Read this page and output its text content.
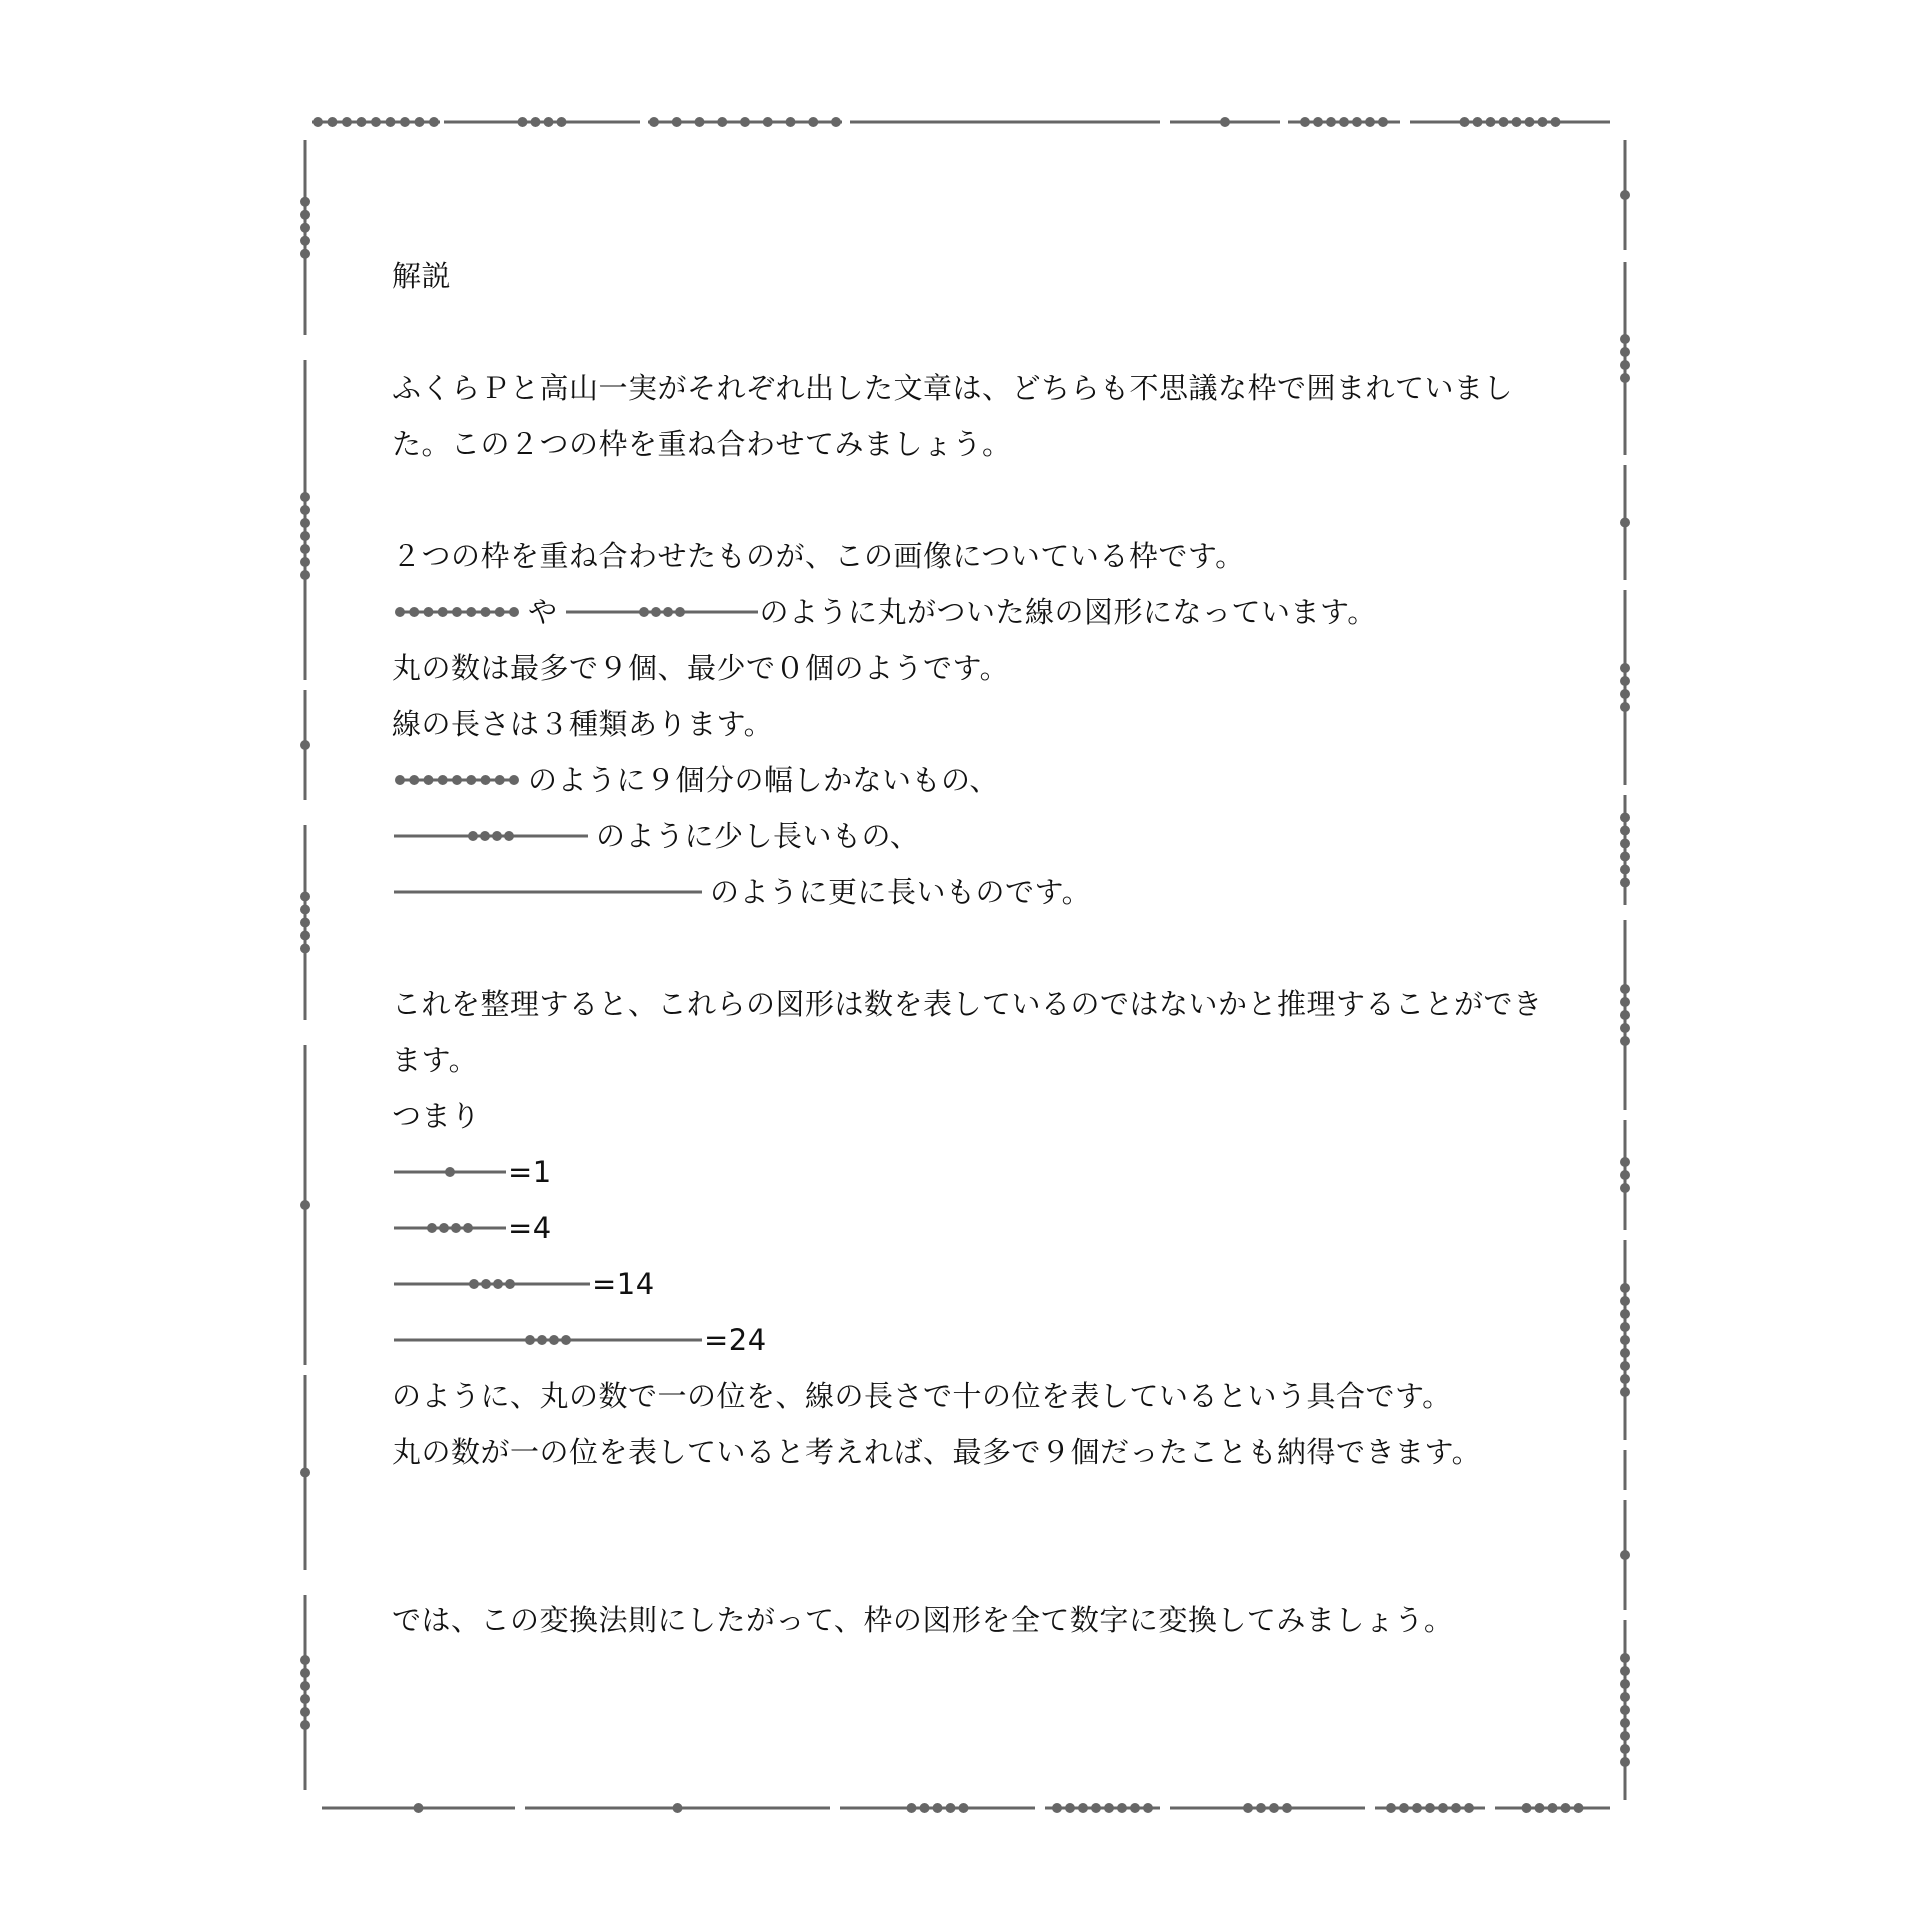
解説
ふくらＰと高山一実がそれぞれ出した文章は、どちらも不思議な枠で囲まれていまし
た。この２つの枠を重ね合わせてみましょう。
２つの枠を重ね合わせたものが、この画像についている枠です。
や	のように丸がついた線の図形になっています。
丸の数は最多で９個、最少で０個のようです。
線の長さは３種類あります。
のように９個分の幅しかないもの、
のように少し長いもの、
のように更に長いものです。
これを整理すると、これらの図形は数を表しているのではないかと推理することができ
ます。
つまり
=1
=4
=14
=24
のように、丸の数で一の位を、線の長さで十の位を表しているという具合です。
丸の数が一の位を表していると考えれば、最多で９個だったことも納得できます。
では、この変換法則にしたがって、枠の図形を全て数字に変換してみましょう。
